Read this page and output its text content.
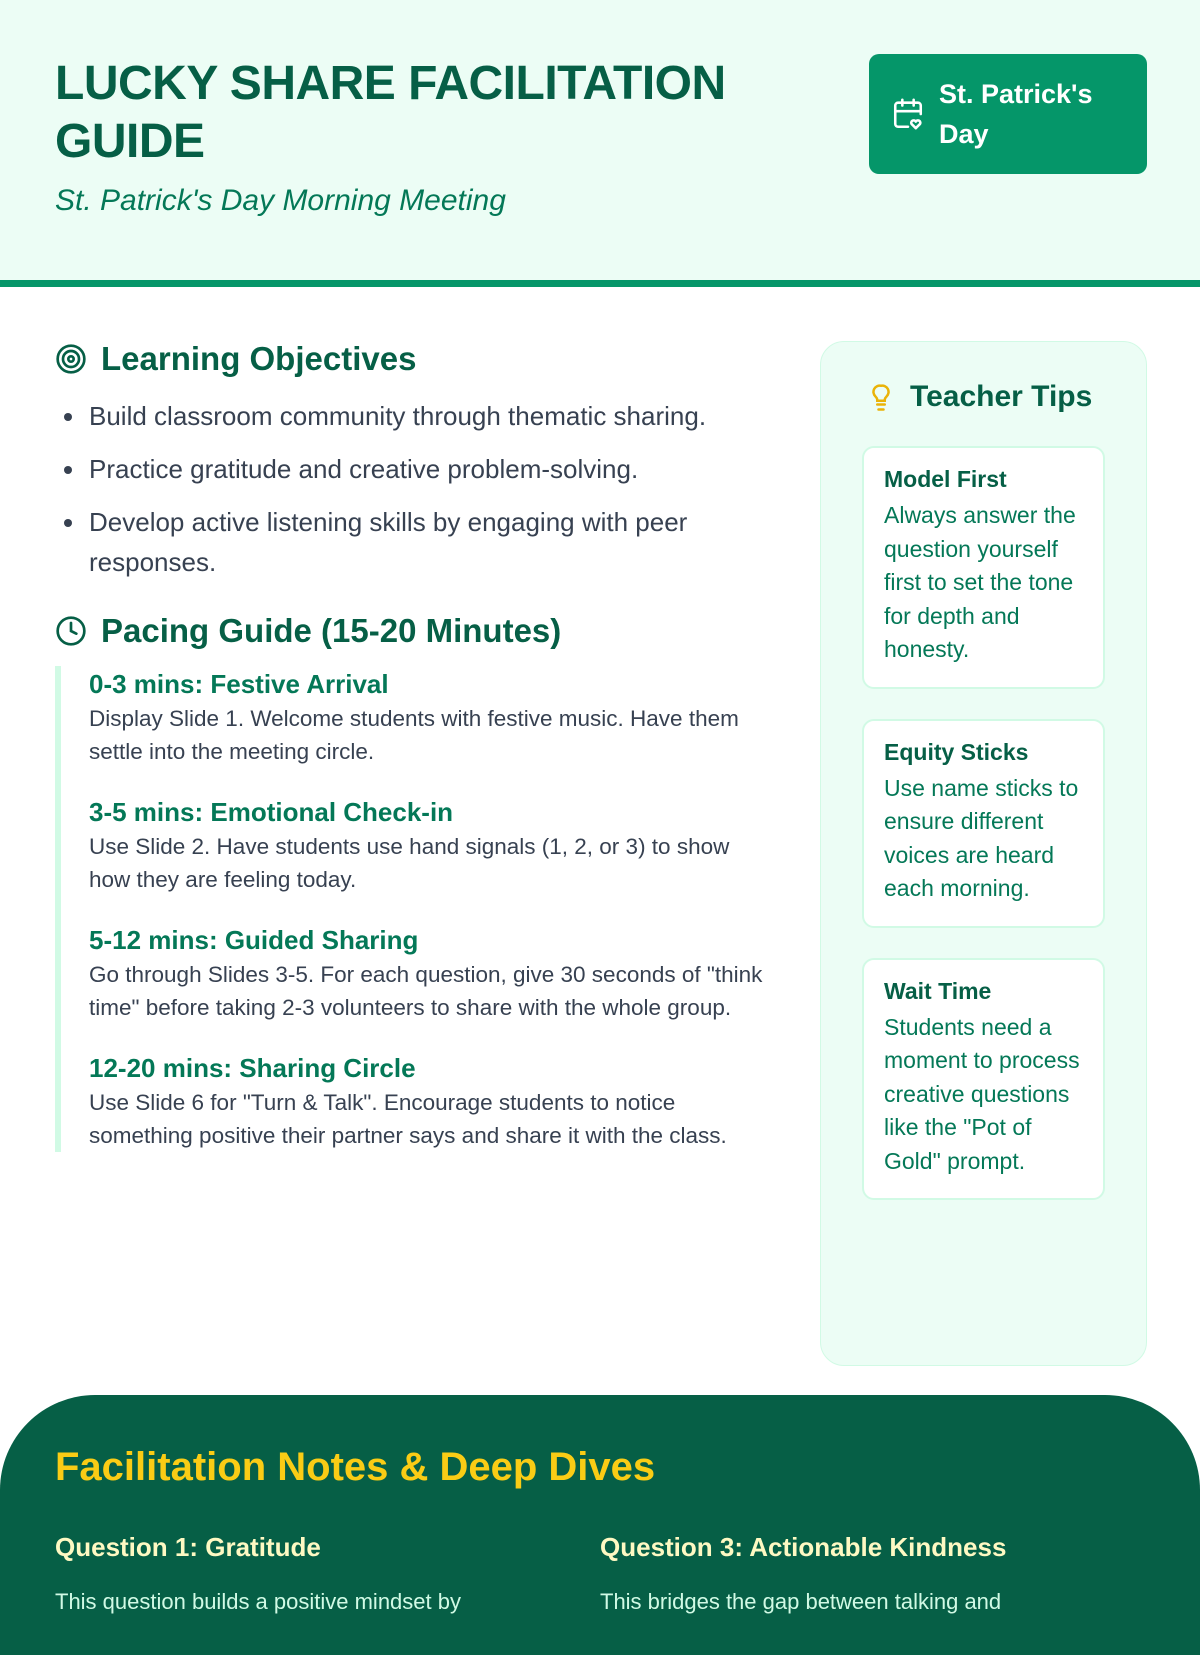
LUCKY SHARE FACILITATION GUIDE
St. Patrick's Day Morning Meeting
St. Patrick's Day
Learning Objectives
• Build classroom community through thematic sharing.
• Practice gratitude and creative problem-solving.
• Develop active listening skills by engaging with peer responses.
Pacing Guide (15-20 Minutes)
0-3 mins: Festive Arrival

Display Slide 1. Welcome students with festive music. Have them settle into the meeting circle.

3-5 mins: Emotional Check-in

Use Slide 2. Have students use hand signals (1, 2, or 3) to show how they are feeling today.

5-12 mins: Guided Sharing

Go through Slides 3-5. For each question, give 30 seconds of "think time" before taking 2-3 volunteers to share with the whole group.

12-20 mins: Sharing Circle

Use Slide 6 for "Turn & Talk". Encourage students to notice something positive their partner says and share it with the class.

Teacher Tips
Model First

Always answer the question yourself first to set the tone for depth and honesty.

Equity Sticks

Use name sticks to ensure different voices are heard each morning.

Wait Time

Students need a moment to process creative questions like the "Pot of Gold" prompt.

Facilitation Notes & Deep Dives
Question 1: Gratitude

This question builds a positive mindset by

Question 3: Actionable Kindness

This bridges the gap between talking and
